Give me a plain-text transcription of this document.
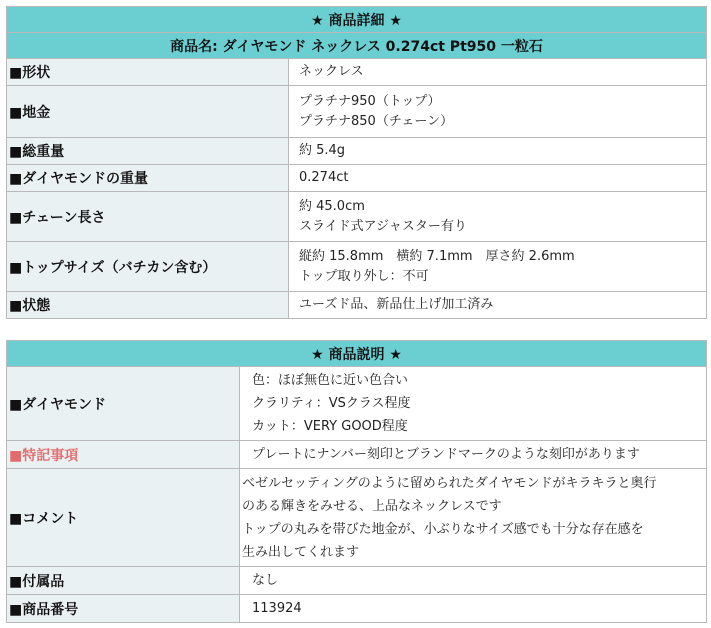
★ 商品詳細 ★	
商品名: ダイヤモンド ネックレス 0.274ct Pt950 一粒石	
■形状	ネックレス

■地金	プラチナ950（トップ）
プラチナ850（チェーン）

■総重量	約 5.4g

■ダイヤモンドの重量	0.274ct

■チェーン長さ	約 45.0cm
スライド式アジャスター有り

■トップサイズ（バチカン含む）	縦約 15.8mm　横約 7.1mm　厚さ約 2.6mm
トップ取り外し：不可

■状態	ユーズド品、新品仕上げ加工済み
★ 商品説明 ★	
■ダイヤモンド	色：ほぼ無色に近い色合い
クラリティ：VSクラス程度
カット：VERY GOOD程度

■特記事項	プレートにナンバー刻印とブランドマークのような刻印があります

■コメント	ベゼルセッティングのように留められたダイヤモンドがキラキラと奥行
のある輝きをみせる、上品なネックレスです
トップの丸みを帯びた地金が、小ぶりなサイズ感でも十分な存在感を
生み出してくれます

■付属品	なし

■商品番号	113924
